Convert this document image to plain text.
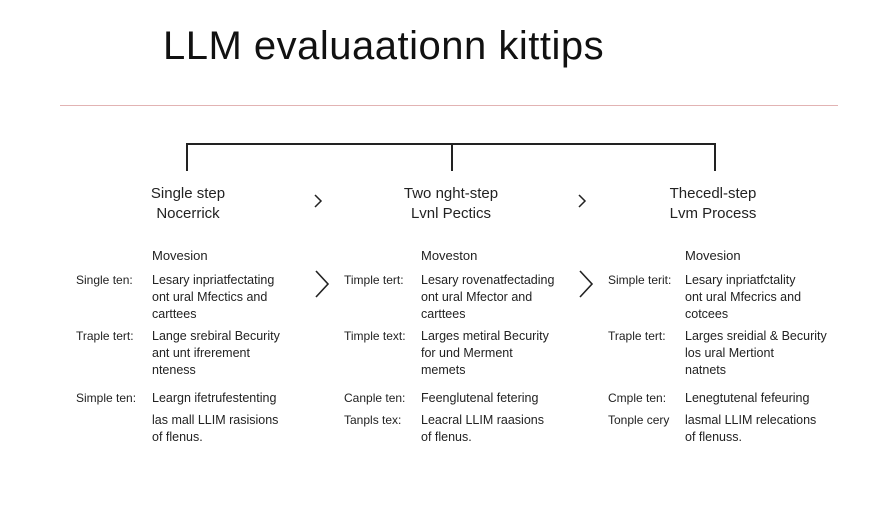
LLM evaluaationn kittips
Single step
Nocerrick
Two nght-step
Lvnl Pectics
Thecedl-step
Lvm Process
Movesion
Single ten: Lesary inpriatfectating
ont ural Mfectics and
carttees
Traple tert: Lange srebiral Becurity
ant unt ifrerement
nteness
Simple ten: Leargn ifetrufestenting
las mall LLIM rasisions
of flenus.
Moveston
Timple tert: Lesary rovenatfectading
ont ural Mfector and
carttees
Timple text: Larges metiral Becurity
for und Merment
memets
Canple ten: Feenglutenal fetering
Tanpls tex: Leacral LLIM raasions
of flenus.
Movesion
Simple terit: Lesary inpriatfctality
ont ural Mfecrics and
cotcees
Traple tert: Larges sreidial & Becurity
los ural Mertiont
natnets
Cmple ten: Lenegtutenal fefeuring
Tonple cery lasmal LLIM relecations
of flenuss.
